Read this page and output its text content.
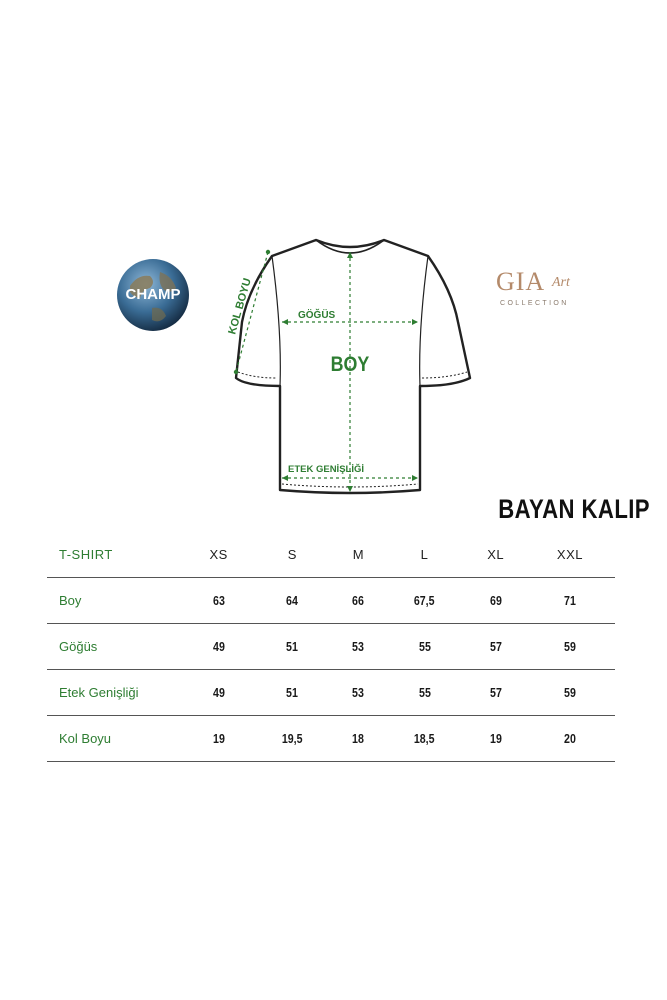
KOL BOYU	GÖĞÜS
BOY
ETEK GENİŞLİĞİ
CHAMP	GIA Art
COLLECTION
BAYAN KALIP
T-SHIRT	XS	S	M	L	XL	XXL
Boy	63	64	66	67,5	69	71
Göğüs	49	51	53	55	57	59
Etek Genişliği	49	51	53	55	57	59
Kol Boyu	19	19,5	18	18,5	19	20
